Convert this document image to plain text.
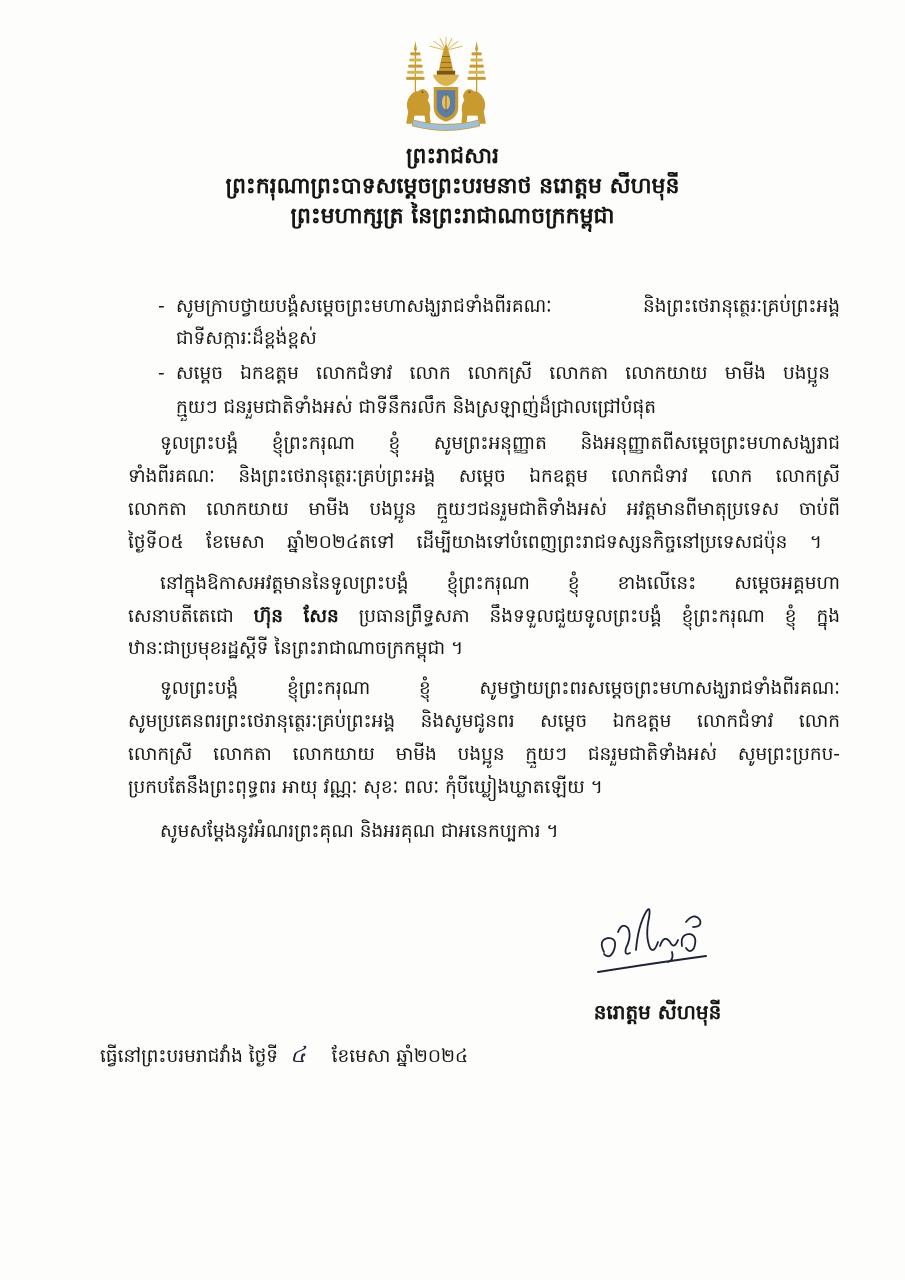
ព្រះរាជសារ
ព្រះករុណាព្រះបាទសម្តេចព្រះបរមនាថ នរោត្តម សីហមុនី
ព្រះមហាក្សត្រ នៃព្រះរាជាណាចក្រកម្ពុជា
- សូមក្រាបថ្វាយបង្គំសម្តេចព្រះមហាសង្ឃរាជទាំងពីរគណៈ និងព្រះថេរានុត្ថេរៈគ្រប់ព្រះអង្គ
ជាទីសក្ការៈដ៏ខ្ពង់ខ្ពស់
- សម្តេច ឯកឧត្តម លោកជំទាវ លោក លោកស្រី លោកតា លោកយាយ មាមីង បងប្អូន
ក្មួយៗ ជនរួមជាតិទាំងអស់ ជាទីនឹករលឹក និងស្រឡាញ់ដ៏ជ្រាលជ្រៅបំផុត
ទូលព្រះបង្គំ ខ្ញុំព្រះករុណា ខ្ញុំ សូមព្រះអនុញ្ញាត និងអនុញ្ញាតពីសម្តេចព្រះមហាសង្ឃរាជ
ទាំងពីរគណៈ និងព្រះថេរានុត្ថេរៈគ្រប់ព្រះអង្គ សម្តេច ឯកឧត្តម លោកជំទាវ លោក លោកស្រី
លោកតា លោកយាយ មាមីង បងប្អូន ក្មួយៗជនរួមជាតិទាំងអស់ អវត្តមានពីមាតុប្រទេស ចាប់ពី
ថ្ងៃទី០៥ ខែមេសា ឆ្នាំ២០២៤តទៅ ដើម្បីយាងទៅបំពេញព្រះរាជទស្សនកិច្ចនៅប្រទេសជប៉ុន ។
នៅក្នុងឱកាសអវត្តមាននៃទូលព្រះបង្គំ ខ្ញុំព្រះករុណា ខ្ញុំ ខាងលើនេះ សម្តេចអគ្គមហា
សេនាបតីតេជោ ហ៊ុន សែន ប្រធានព្រឹទ្ធសភា នឹងទទួលជួយទូលព្រះបង្គំ ខ្ញុំព្រះករុណា ខ្ញុំ ក្នុង
ឋានៈជាប្រមុខរដ្ឋស្តីទី នៃព្រះរាជាណាចក្រកម្ពុជា ។
ទូលព្រះបង្គំ ខ្ញុំព្រះករុណា ខ្ញុំ សូមថ្វាយព្រះពរសម្តេចព្រះមហាសង្ឃរាជទាំងពីរគណៈ
សូមប្រគេនពរព្រះថេរានុត្ថេរៈគ្រប់ព្រះអង្គ និងសូមជូនពរ សម្តេច ឯកឧត្តម លោកជំទាវ លោក
លោកស្រី លោកតា លោកយាយ មាមីង បងប្អូន ក្មួយៗ ជនរួមជាតិទាំងអស់ សូមព្រះប្រកប-
ប្រកបតែនឹងព្រះពុទ្ធពរ អាយុ វណ្ណៈ សុខៈ ពលៈ កុំបីឃ្លៀងឃ្លាតឡើយ ។
សូមសម្តែងនូវអំណរព្រះគុណ និងអរគុណ ជាអនេកប្បការ ។
នរោត្តម សីហមុនី
ធ្វើនៅព្រះបរមរាជវាំង ថ្ងៃទី ៤ ខែមេសា ឆ្នាំ២០២៤
